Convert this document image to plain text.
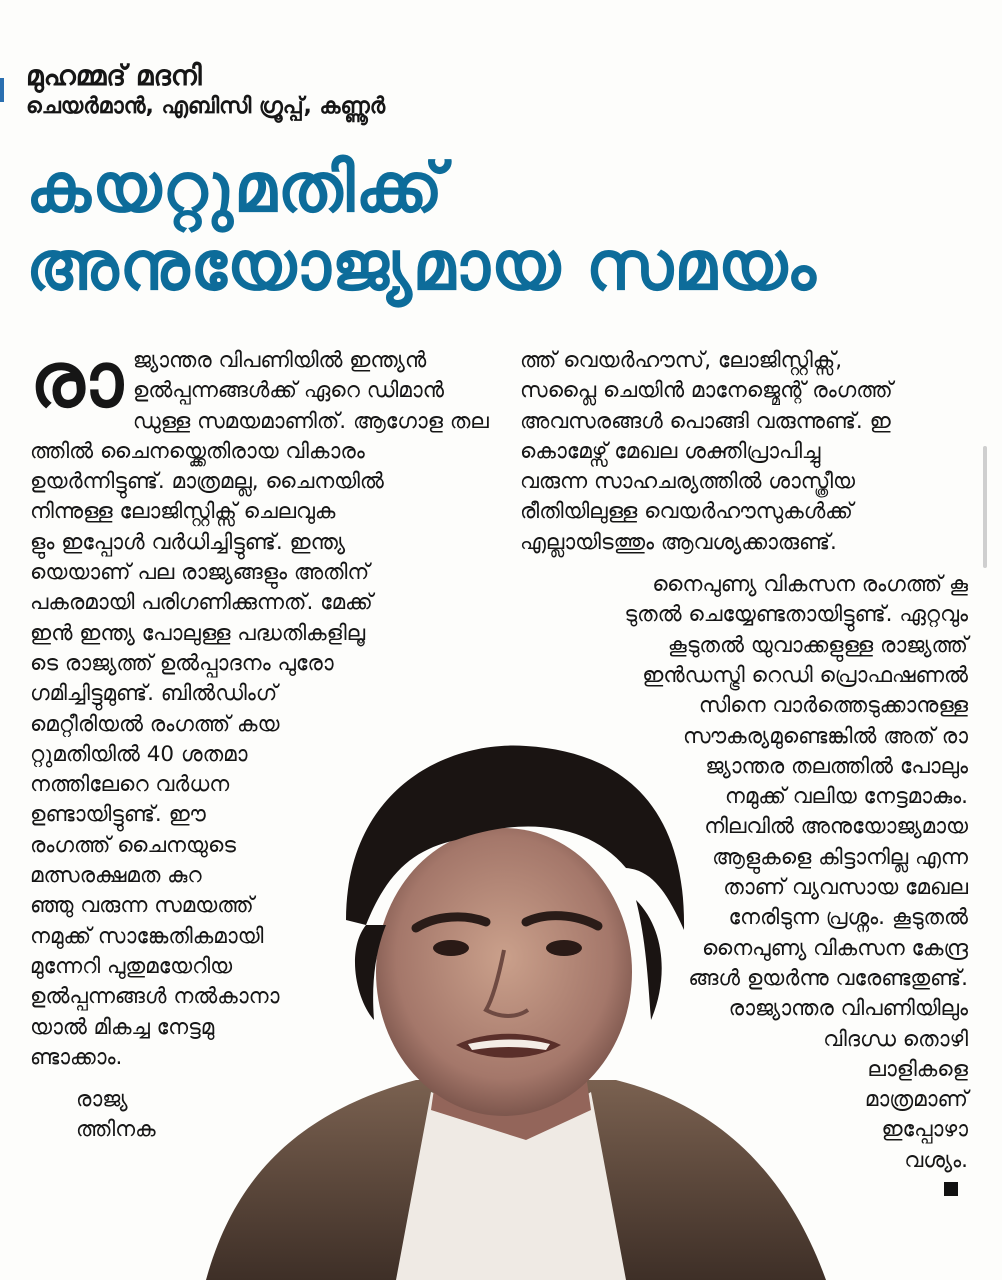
മുഹമ്മദ് മദനി
ചെയർമാൻ, എബിസി ഗ്രൂപ്പ്, കണ്ണൂർ
കയറ്റുമതിക്ക്
അനുയോജ്യമായ സമയം

രാ ജ്യാന്തര വിപണിയിൽ ഇന്ത്യൻ
ഉൽപ്പന്നങ്ങൾക്ക് ഏറെ ഡിമാൻ
ഡുള്ള സമയമാണിത്. ആഗോള തല
ത്തിൽ ചൈനയ്ക്കെതിരായ വികാരം
ഉയർന്നിട്ടുണ്ട്. മാത്രമല്ല, ചൈനയിൽ
നിന്നുള്ള ലോജിസ്റ്റിക്സ് ചെലവുക
ളും ഇപ്പോൾ വർധിച്ചിട്ടുണ്ട്. ഇന്ത്യ
യെയാണ് പല രാജ്യങ്ങളും അതിന്
പകരമായി പരിഗണിക്കുന്നത്. മേക്ക്
ഇൻ ഇന്ത്യ പോലുള്ള പദ്ധതികളിലൂ
ടെ രാജ്യത്ത് ഉൽപ്പാദനം പുരോ
ഗമിച്ചിട്ടുമുണ്ട്. ബിൽഡിംഗ്
മെറ്റീരിയൽ രംഗത്ത് കയ
റ്റുമതിയിൽ 40 ശതമാ
നത്തിലേറെ വർധന
ഉണ്ടായിട്ടുണ്ട്. ഈ
രംഗത്ത് ചൈനയുടെ
മത്സരക്ഷമത കുറ
ഞ്ഞു വരുന്ന സമയത്ത്
നമുക്ക് സാങ്കേതികമായി
മുന്നേറി പുതുമയേറിയ
ഉൽപ്പന്നങ്ങൾ നൽകാനാ
യാൽ മികച്ച നേട്ടമു
ണ്ടാക്കാം.

രാജ്യ
ത്തിനക

ത്ത് വെയർഹൗസ്, ലോജിസ്റ്റിക്സ്,
സപ്ലൈ ചെയിൻ മാനേജ്മെന്റ് രംഗത്ത്
അവസരങ്ങൾ പൊങ്ങി വരുന്നുണ്ട്. ഇ
കൊമേഴ്സ് മേഖല ശക്തിപ്രാപിച്ചു
വരുന്ന സാഹചര്യത്തിൽ ശാസ്ത്രീയ
രീതിയിലുള്ള വെയർഹൗസുകൾക്ക്
എല്ലായിടത്തും ആവശ്യക്കാരുണ്ട്.

നൈപുണ്യ വികസന രംഗത്ത് കൂ
ടുതൽ ചെയ്യേണ്ടതായിട്ടുണ്ട്. ഏറ്റവും
കൂടുതൽ യുവാക്കളുള്ള രാജ്യത്ത്
ഇൻഡസ്ട്രി റെഡി പ്രൊഫഷണൽ
സിനെ വാർത്തെടുക്കാനുള്ള
സൗകര്യമുണ്ടെങ്കിൽ അത് രാ
ജ്യാന്തര തലത്തിൽ പോലും
നമുക്ക് വലിയ നേട്ടമാകും.
നിലവിൽ അനുയോജ്യമായ
ആളുകളെ കിട്ടാനില്ല എന്ന
താണ് വ്യവസായ മേഖല
നേരിടുന്ന പ്രശ്നം. കൂടുതൽ
നൈപുണ്യ വികസന കേന്ദ്ര
ങ്ങൾ ഉയർന്നു വരേണ്ടതുണ്ട്.
രാജ്യാന്തര വിപണിയിലും
വിദഗ്ധ തൊഴി
ലാളികളെ
മാത്രമാണ്
ഇപ്പോഴാ
വശ്യം.
